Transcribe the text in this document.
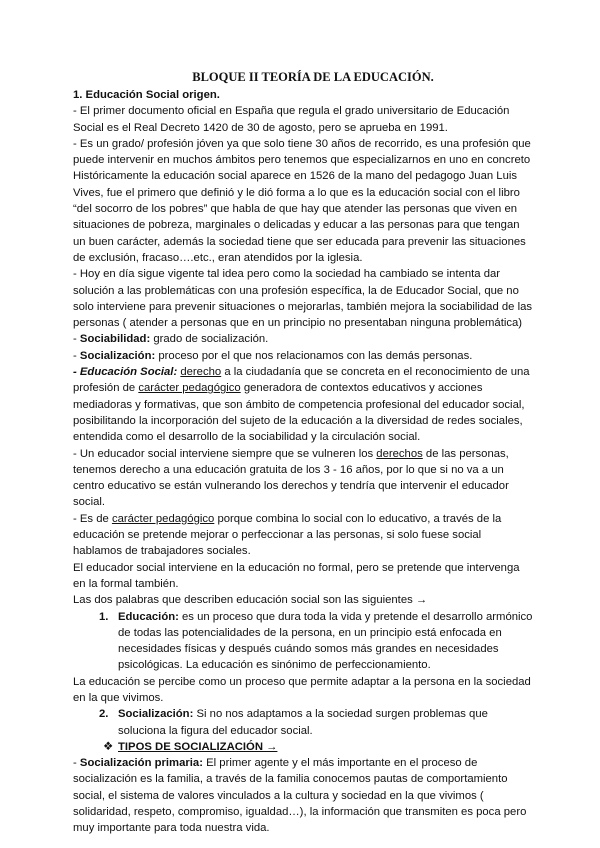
BLOQUE II TEORÍA DE LA EDUCACIÓN.

1. Educación Social origen.

- El primer documento oficial en España que regula el grado universitario de Educación Social es el Real Decreto 1420 de 30 de agosto, pero se aprueba en 1991.

- Es un grado/ profesión jóven ya que solo tiene 30 años de recorrido, es una profesión que puede intervenir en muchos ámbitos pero tenemos que especializarnos en uno en concreto Históricamente la educación social aparece en 1526 de la mano del pedagogo Juan Luis Vives, fue el primero que definió y le dió forma a lo que es la educación social con el libro “del socorro de los pobres” que habla de que hay que atender las personas que viven en situaciones de pobreza, marginales o delicadas y educar a las personas para que tengan un buen carácter, además la sociedad tiene que ser educada para prevenir las situaciones de exclusión, fracaso….etc., eran atendidos por la iglesia.

- Hoy en día sigue vigente tal idea pero como la sociedad ha cambiado se intenta dar solución a las problemáticas con una profesión específica, la de Educador Social, que no solo interviene para prevenir situaciones o mejorarlas, también mejora la sociabilidad de las personas ( atender a personas que en un principio no presentaban ninguna problemática)

- Sociabilidad: grado de socialización.

- Socialización: proceso por el que nos relacionamos con las demás personas.

- Educación Social: derecho a la ciudadanía que se concreta en el reconocimiento de una profesión de carácter pedagógico generadora de contextos educativos y acciones mediadoras y formativas, que son ámbito de competencia profesional del educador social, posibilitando la incorporación del sujeto de la educación a la diversidad de redes sociales, entendida como el desarrollo de la sociabilidad y la circulación social.

- Un educador social interviene siempre que se vulneren los derechos de las personas, tenemos derecho a una educación gratuita de los 3 - 16 años, por lo que si no va a un centro educativo se están vulnerando los derechos y tendría que intervenir el educador social.

- Es de carácter pedagógico porque combina lo social con lo educativo, a través de la educación se pretende mejorar o perfeccionar a las personas, si solo fuese social hablamos de trabajadores sociales.

El educador social interviene en la educación no formal, pero se pretende que intervenga en la formal también.

Las dos palabras que describen educación social son las siguientes →

1. Educación: es un proceso que dura toda la vida y pretende el desarrollo armónico de todas las potencialidades de la persona, en un principio está enfocada en necesidades físicas y después cuándo somos más grandes en necesidades psicológicas. La educación es sinónimo de perfeccionamiento.

La educación se percibe como un proceso que permite adaptar a la persona en la sociedad en la que vivimos.

2. Socialización: Si no nos adaptamos a la sociedad surgen problemas que soluciona la figura del educador social.

❖ TIPOS DE SOCIALIZACIÓN →

- Socialización primaria: El primer agente y el más importante en el proceso de socialización es la familia, a través de la familia conocemos pautas de comportamiento social, el sistema de valores vinculados a la cultura y sociedad en la que vivimos ( solidaridad, respeto, compromiso, igualdad…), la información que transmiten es poca pero muy importante para toda nuestra vida.
